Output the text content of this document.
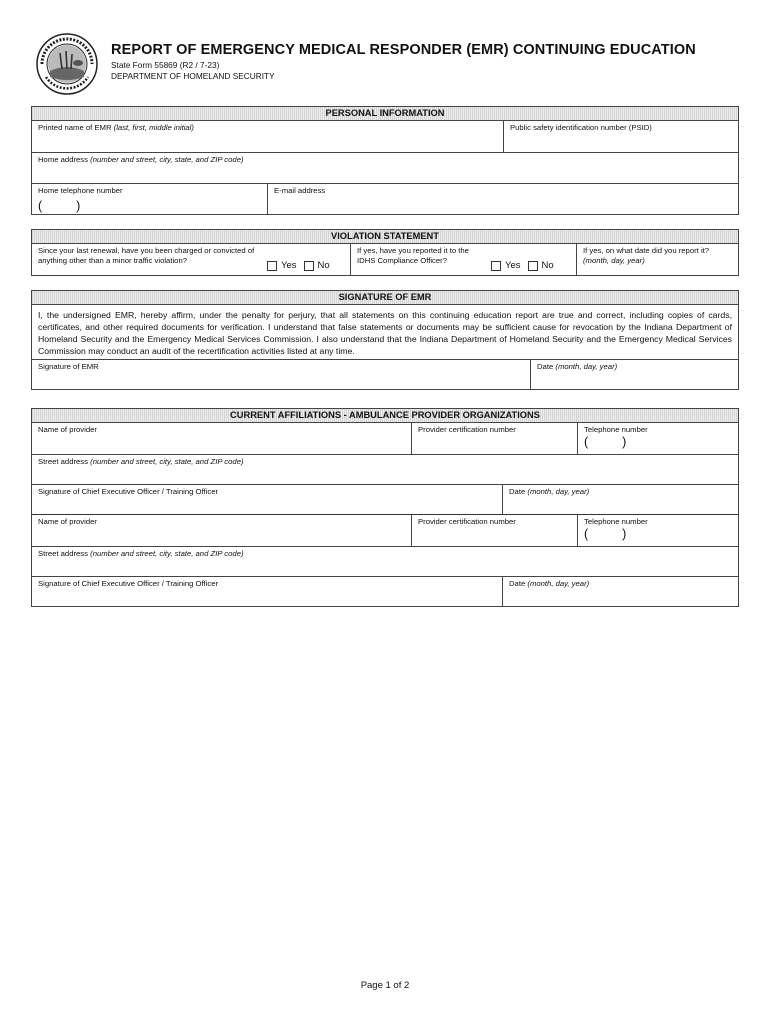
REPORT OF EMERGENCY MEDICAL RESPONDER (EMR) CONTINUING EDUCATION
State Form 55869 (R2 / 7-23)
DEPARTMENT OF HOMELAND SECURITY
PERSONAL INFORMATION
Printed name of EMR (last, first, middle initial)	Public safety identification number (PSID)
Home address (number and street, city, state, and ZIP code)
Home telephone number
(	)
E-mail address
VIOLATION STATEMENT
Since your last renewal, have you been charged or convicted of anything other than a minor traffic violation?	Yes No
If yes, have you reported it to the IDHS Compliance Officer?	Yes No
If yes, on what date did you report it?
(month, day, year)
SIGNATURE OF EMR
I, the undersigned EMR, hereby affirm, under the penalty for perjury, that all statements on this continuing education report are true and correct, including copies of cards, certificates, and other required documents for verification. I understand that false statements or documents may be sufficient cause for revocation by the Indiana Department of Homeland Security and the Emergency Medical Services Commission. I also understand that the Indiana Department of Homeland Security and the Emergency Medical Services Commission may conduct an audit of the recertification activities listed at any time.
Signature of EMR	Date (month, day, year)
CURRENT AFFILIATIONS - AMBULANCE PROVIDER ORGANIZATIONS
Name of provider	Provider certification number	Telephone number
(	)
Street address (number and street, city, state, and ZIP code)
Signature of Chief Executive Officer / Training Officer	Date (month, day, year)
Name of provider	Provider certification number	Telephone number
(	)
Street address (number and street, city, state, and ZIP code)
Signature of Chief Executive Officer / Training Officer	Date (month, day, year)
Page 1 of 2
